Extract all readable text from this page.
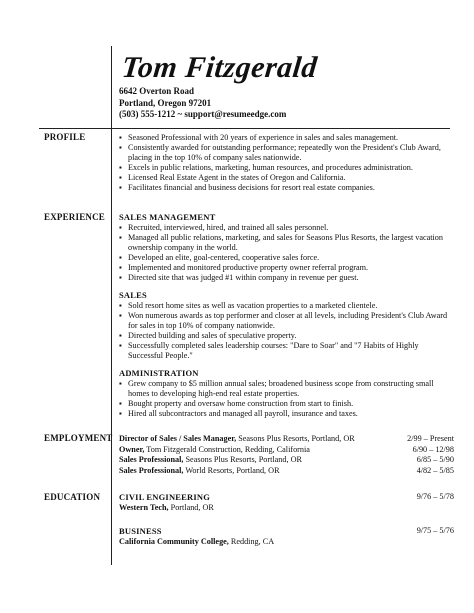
Tom Fitzgerald
6642 Overton Road
Portland, Oregon 97201
(503) 555-1212 ~ support@resumeedge.com
PROFILE
▪	Seasoned Professional with 20 years of experience in sales and sales management.
▪ Consistently awarded for outstanding performance; repeatedly won the President's Club Award, placing in the top 10% of company sales nationwide.
▪ Excels in public relations, marketing, human resources, and procedures administration.
▪ Licensed Real Estate Agent in the states of Oregon and California.
▪ Facilitates financial and business decisions for resort real estate companies.
EXPERIENCE SALES MANAGEMENT
▪ Recruited, interviewed, hired, and trained all sales personnel.
▪ Managed all public relations, marketing, and sales for Seasons Plus Resorts, the largest vacation ownership company in the world.
▪ Developed an elite, goal-centered, cooperative sales force.
▪ Implemented and monitored productive property owner referral program.
▪ Directed site that was judged #1 within company in revenue per guest.
SALES
▪ Sold resort home sites as well as vacation properties to a marketed clientele.
▪ Won numerous awards as top performer and closer at all levels, including President's Club Award for sales in top 10% of company nationwide.
▪ Directed building and sales of speculative property.
▪ Successfully completed sales leadership courses: "Dare to Soar" and "7 Habits of Highly Successful People."
ADMINISTRATION
▪ Grew company to $5 million annual sales; broadened business scope from constructing small homes to developing high-end real estate properties.
▪ Bought property and oversaw home construction from start to finish.
▪ Hired all subcontractors and managed all payroll, insurance and taxes.
EMPLOYMENT Director of Sales / Sales Manager, Seasons Plus Resorts, Portland, OR	2/99 – Present
Owner, Tom Fitzgerald Construction, Redding, California	6/90 – 12/98
Sales Professional, Seasons Plus Resorts, Portland, OR	6/85 – 5/90
Sales Professional, World Resorts, Portland, OR	4/82 – 5/85
EDUCATION CIVIL ENGINEERING	9/76 – 5/78
Western Tech, Portland, OR
BUSINESS	9/75 – 5/76
California Community College, Redding, CA
